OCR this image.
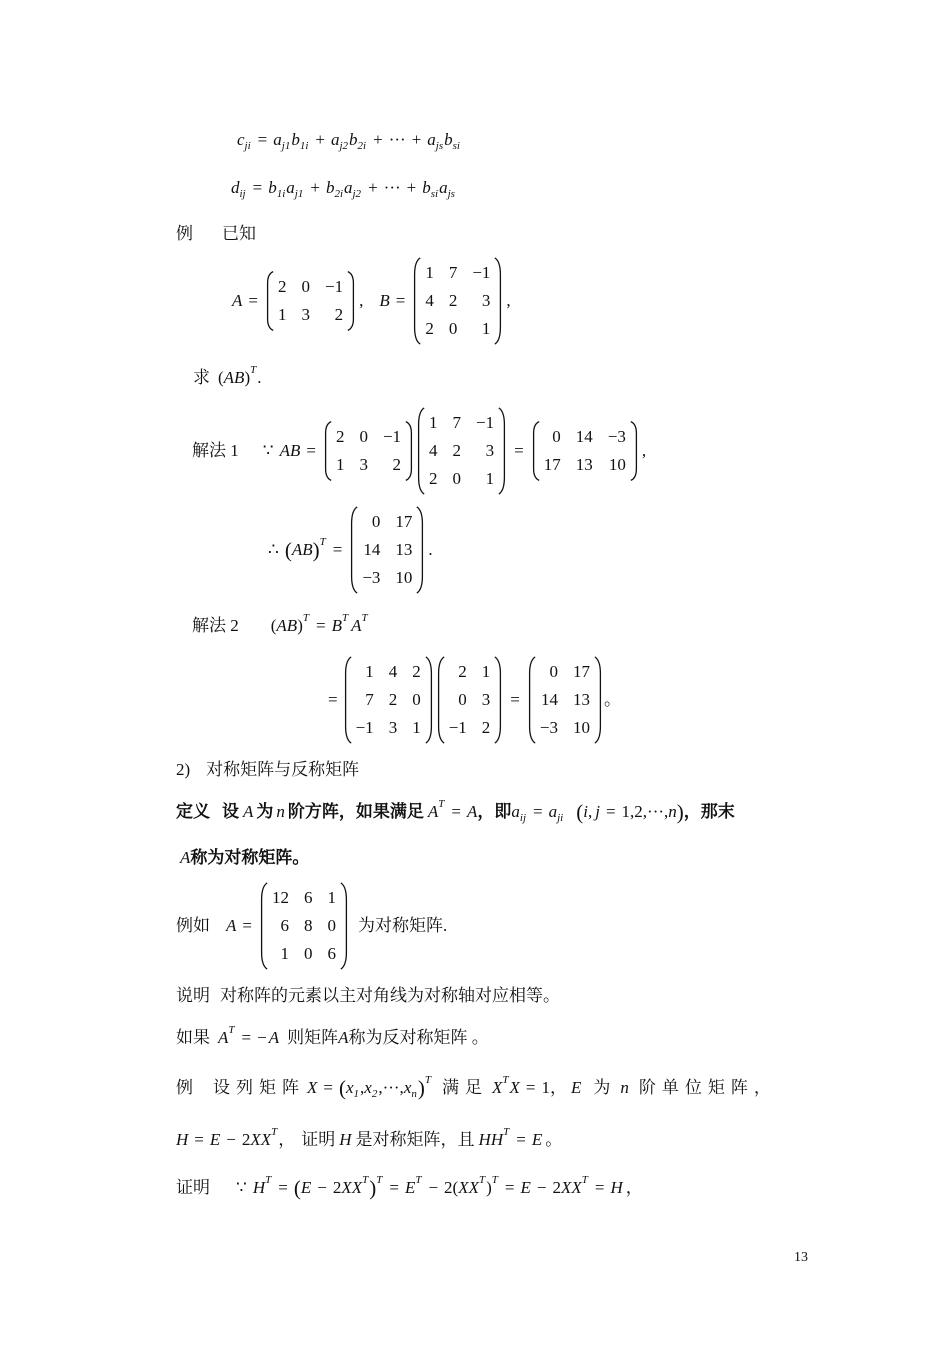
c ji = a j1 b 1i + a j2 b 2i + ··· + a js b si
d ij = b 1i a j1 + b 2i a j2 + ··· + b si a js
例 已知
A =
2 0 −1
1 3 2
, B =
1 7 −1
4 2 3
2 0 1
,
求 ( AB ) T .
解法 1 ∵ AB =
2 0 −1
1 3 2
1 7 −1
4 2 3
2 0 1
=
0 14 −3
17 13 10
,
∴ ( AB ) T =
0 17
14 13
−3 10
.
解法 2 ( AB ) T = B T A T
=
1 4 2
7 2 0
−1 3 1
2 1
0 3
−1 2
=
0 17
14 13
−3 10
。
2) 对称矩阵与反称矩阵
定义 设 A 为 n 阶方阵，如果满足 A T = A ，即 a ij = a ji ( i , j = 1,2,···, n ) ，那末
A 称为对称矩阵。
例如 A =
12 6 1
6 8 0
1 0 6
为对称矩阵.
说明 对称阵的元素以主对角线为对称轴对应相等。
如果 A T = − A 则矩阵 A 称为反对称矩阵 。
例 设列矩阵 X = ( x 1 , x 2 ,···, x n ) T 满足 X T X = 1 ， E 为 n 阶单位矩阵，
H = E − 2 XX T ， 证明 H 是对称矩阵，且 HH T = E 。
证明 ∵ H T = ( E − 2 XX T ) T = E T − 2( XX T ) T = E − 2 XX T = H ，
13
